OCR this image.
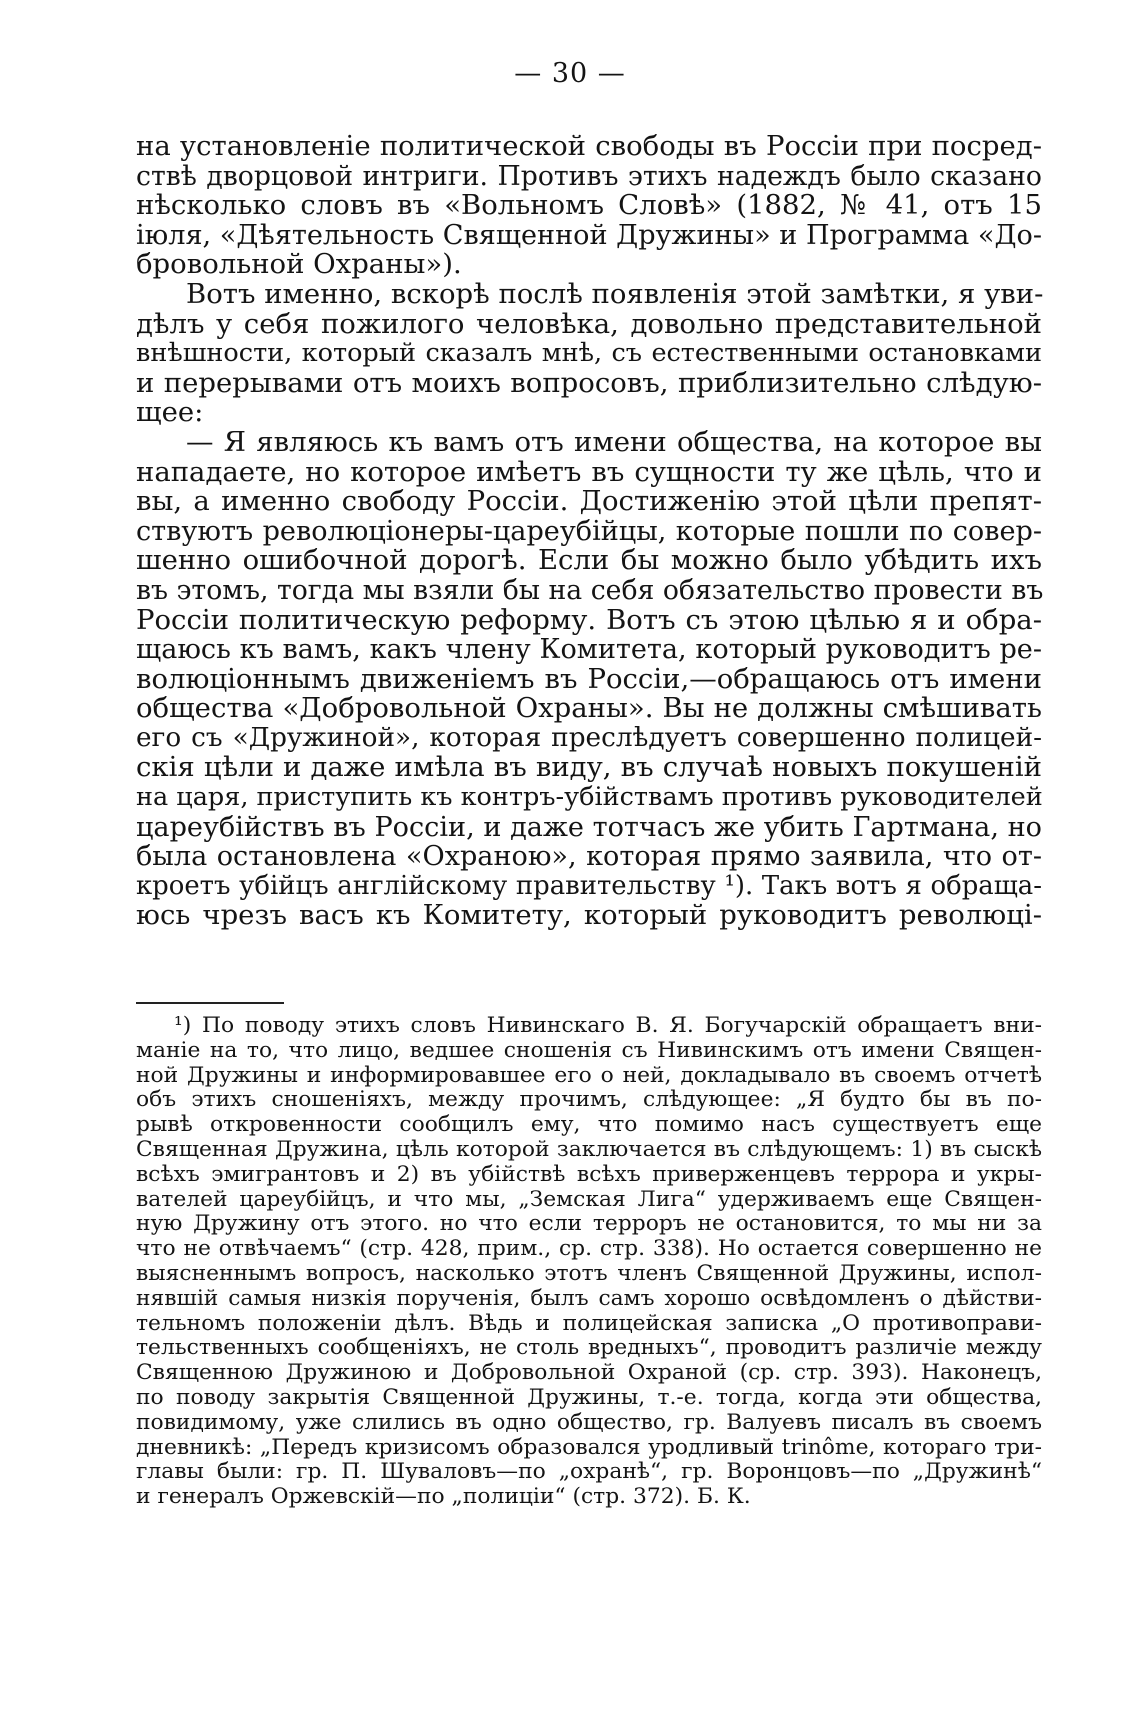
— 30 —
на установленіе политической свободы въ Россіи при посред-
ствѣ дворцовой интриги. Противъ этихъ надеждъ было сказано
нѣсколько словъ въ «Вольномъ Словѣ» (1882, № 41, отъ 15
іюля, «Дѣятельность Священной Дружины» и Программа «До-
бровольной Охраны»).
Вотъ именно, вскорѣ послѣ появленія этой замѣтки, я уви-
дѣлъ у себя пожилого человѣка, довольно представительной
внѣшности, который сказалъ мнѣ, съ естественными остановками
и перерывами отъ моихъ вопросовъ, приблизительно слѣдую-
щее:
— Я являюсь къ вамъ отъ имени общества, на которое вы
нападаете, но которое имѣетъ въ сущности ту же цѣль, что и
вы, а именно свободу Россіи. Достиженію этой цѣли препят-
ствуютъ революціонеры-цареубійцы, которые пошли по совер-
шенно ошибочной дорогѣ. Если бы можно было убѣдить ихъ
въ этомъ, тогда мы взяли бы на себя обязательство провести въ
Россіи политическую реформу. Вотъ съ этою цѣлью я и обра-
щаюсь къ вамъ, какъ члену Комитета, который руководитъ ре-
волюціоннымъ движеніемъ въ Россіи,—обращаюсь отъ имени
общества «Добровольной Охраны». Вы не должны смѣшивать
его съ «Дружиной», которая преслѣдуетъ совершенно полицей-
скія цѣли и даже имѣла въ виду, въ случаѣ новыхъ покушеній
на царя, приступить къ контръ-убійствамъ противъ руководителей
цареубійствъ въ Россіи, и даже тотчасъ же убить Гартмана, но
была остановлена «Охраною», которая прямо заявила, что от-
кроетъ убійцъ англійскому правительству ¹). Такъ вотъ я обраща-
юсь чрезъ васъ къ Комитету, который руководитъ революці-
¹) По поводу этихъ словъ Нивинскаго В. Я. Богучарскій обращаетъ вни-
маніе на то, что лицо, ведшее сношенія съ Нивинскимъ отъ имени Священ-
ной Дружины и информировавшее его о ней, докладывало въ своемъ отчетѣ
объ этихъ сношеніяхъ, между прочимъ, слѣдующее: „Я будто бы въ по-
рывѣ откровенности сообщилъ ему, что помимо насъ существуетъ еще
Священная Дружина, цѣль которой заключается въ слѣдующемъ: 1) въ сыскѣ
всѣхъ эмигрантовъ и 2) въ убійствѣ всѣхъ приверженцевъ террора и укры-
вателей цареубійцъ, и что мы, „Земская Лига“ удерживаемъ еще Священ-
ную Дружину отъ этого. но что если терроръ не остановится, то мы ни за
что не отвѣчаемъ“ (стр. 428, прим., ср. стр. 338). Но остается совершенно не
выясненнымъ вопросъ, насколько этотъ членъ Священной Дружины, испол-
нявшій самыя низкія порученія, былъ самъ хорошо освѣдомленъ о дѣйстви-
тельномъ положеніи дѣлъ. Вѣдь и полицейская записка „О противоправи-
тельственныхъ сообщеніяхъ, не столь вредныхъ“, проводитъ различіе между
Священною Дружиною и Добровольной Охраной (ср. стр. 393). Наконецъ,
по поводу закрытія Священной Дружины, т.-е. тогда, когда эти общества,
повидимому, уже слились въ одно общество, гр. Валуевъ писалъ въ своемъ
дневникѣ: „Передъ кризисомъ образовался уродливый trinôme, котораго три-
главы были: гр. П. Шуваловъ—по „охранѣ“, гр. Воронцовъ—по „Дружинѣ“
и генералъ Оржевскій—по „полиціи“ (стр. 372). Б. К.
